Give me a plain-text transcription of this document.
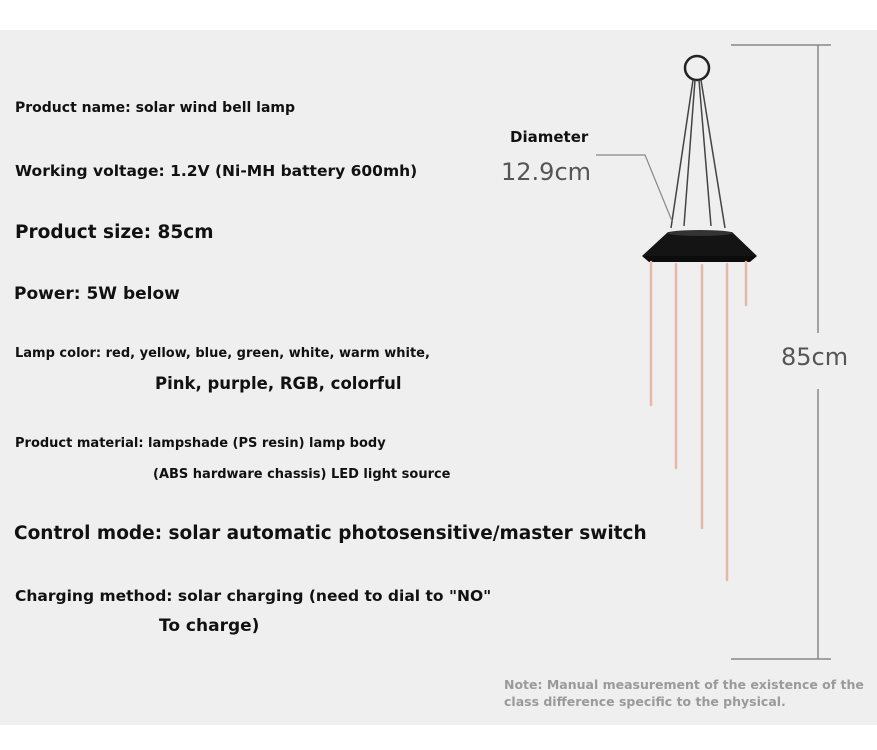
Product name: solar wind bell lamp
Working voltage: 1.2V (Ni-MH battery 600mh)
Product size: 85cm
Power: 5W below
Lamp color: red, yellow, blue, green, white, warm white,
Pink, purple, RGB, colorful
Product material: lampshade (PS resin) lamp body
(ABS hardware chassis) LED light source
Control mode: solar automatic photosensitive/master switch
Charging method: solar charging (need to dial to "NO"
To charge)
Diameter
12.9cm
85cm
Note: Manual measurement of the existence of the class difference specific to the physical.
